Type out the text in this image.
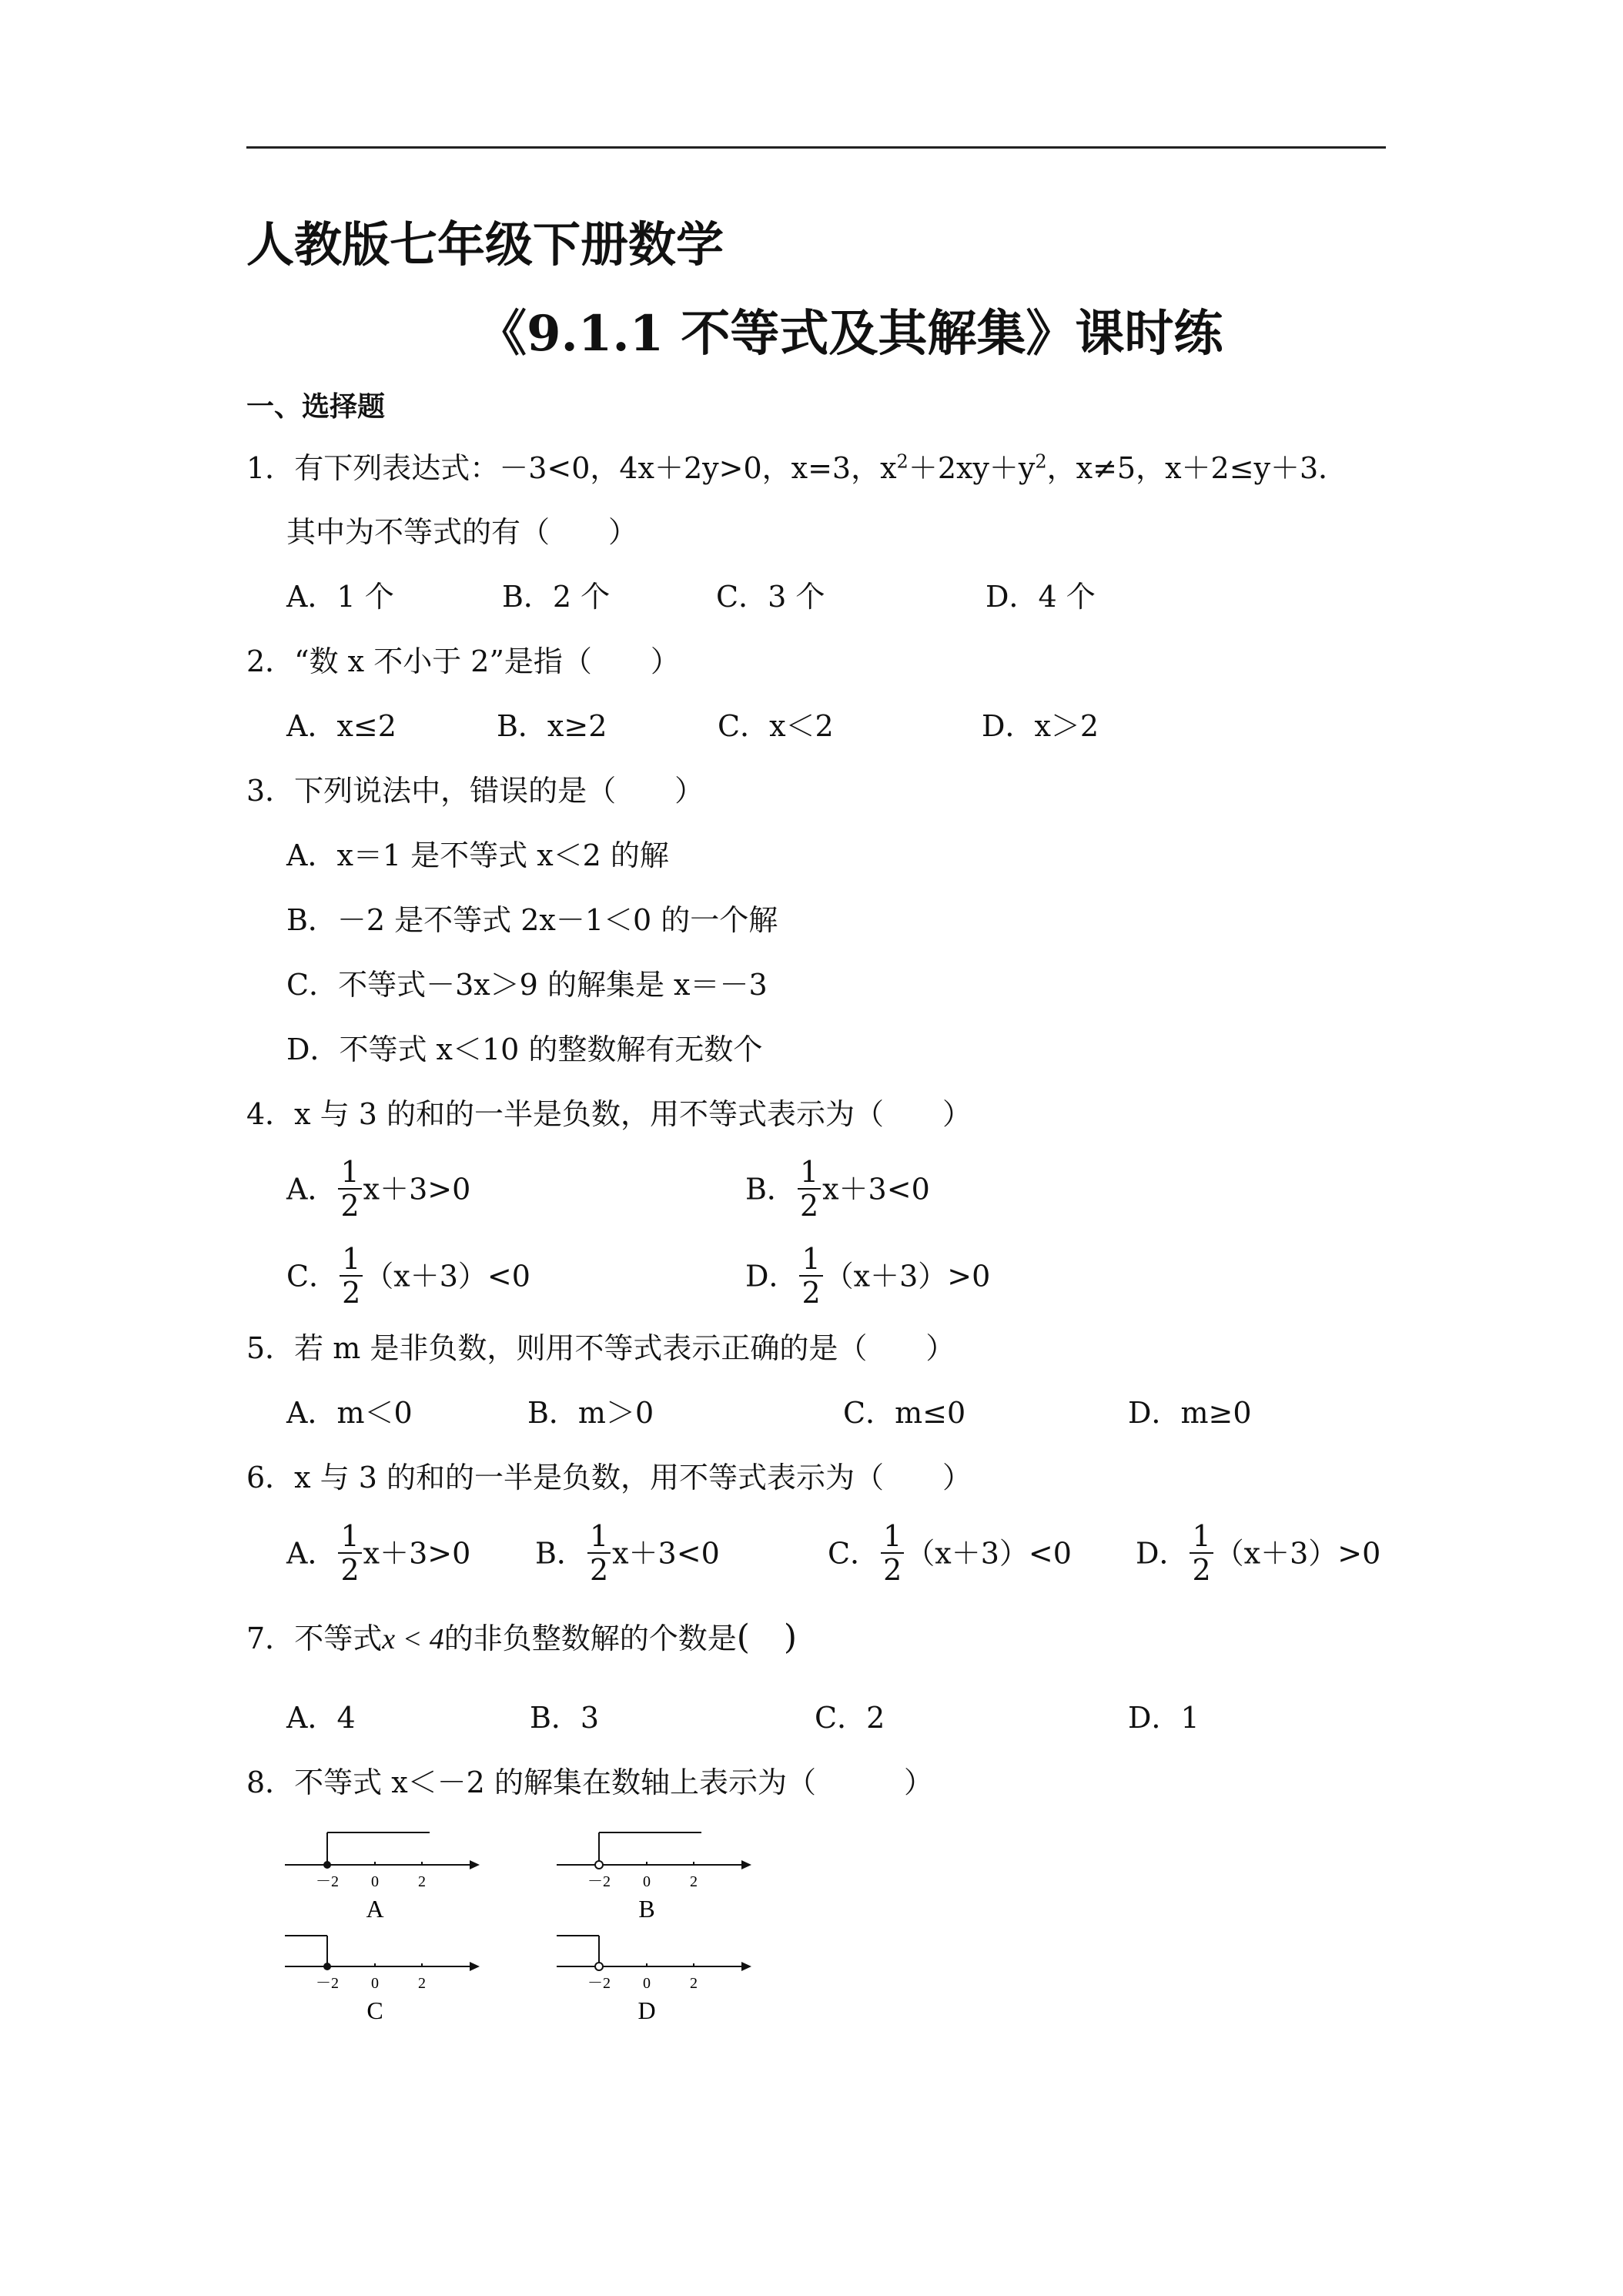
人教版七年级下册数学
《9.1.1 不等式及其解集》课时练
一、选择题
1．有下列表达式：－3<0，4x＋2y>0，x=3，$x^2+2xy+y^2$，x≠5，x＋2≤y＋3．
其中为不等式的有（　　）
A．1 个	B．2 个	C．3 个	D．4 个
2．“数 x 不小于 2”是指（　　）
A．x≤2	B．x≥2	C．x＜2	D．x＞2
3．下列说法中，错误的是（　　）
A．x＝1 是不等式 x＜2 的解
B．－2 是不等式 2x－1＜0 的一个解
C．不等式－3x＞9 的解集是 x＝－3
D．不等式 x＜10 的整数解有无数个
4．x 与 3 的和的一半是负数，用不等式表示为（　　）
A． $\frac{1}{2} x+3>0$	B． $\frac{1}{2} x+3<0$
C． $\frac{1}{2} (x+3)<0$	D． $\frac{1}{2} (x+3)>0$
5．若 m 是非负数，则用不等式表示正确的是（　　）
A．m＜0	B．m＞0	C．m≤0	D．m≥0
6．x 与 3 的和的一半是负数，用不等式表示为（　　）
A． $\frac{1}{2} x+3>0$ B． $\frac{1}{2} x+3<0$	C． $\frac{1}{2} (x+3)<0$ D． $\frac{1}{2} (x+3)>0$
7．不等式x < 4的非负整数解的个数是(　)
A．4	B．3	C．2	D．1
8．不等式 x＜－2 的解集在数轴上表示为（　　　）
－2 0	2
A
－2 0	2
B
－2 0	2
C
－2 0	2
D
